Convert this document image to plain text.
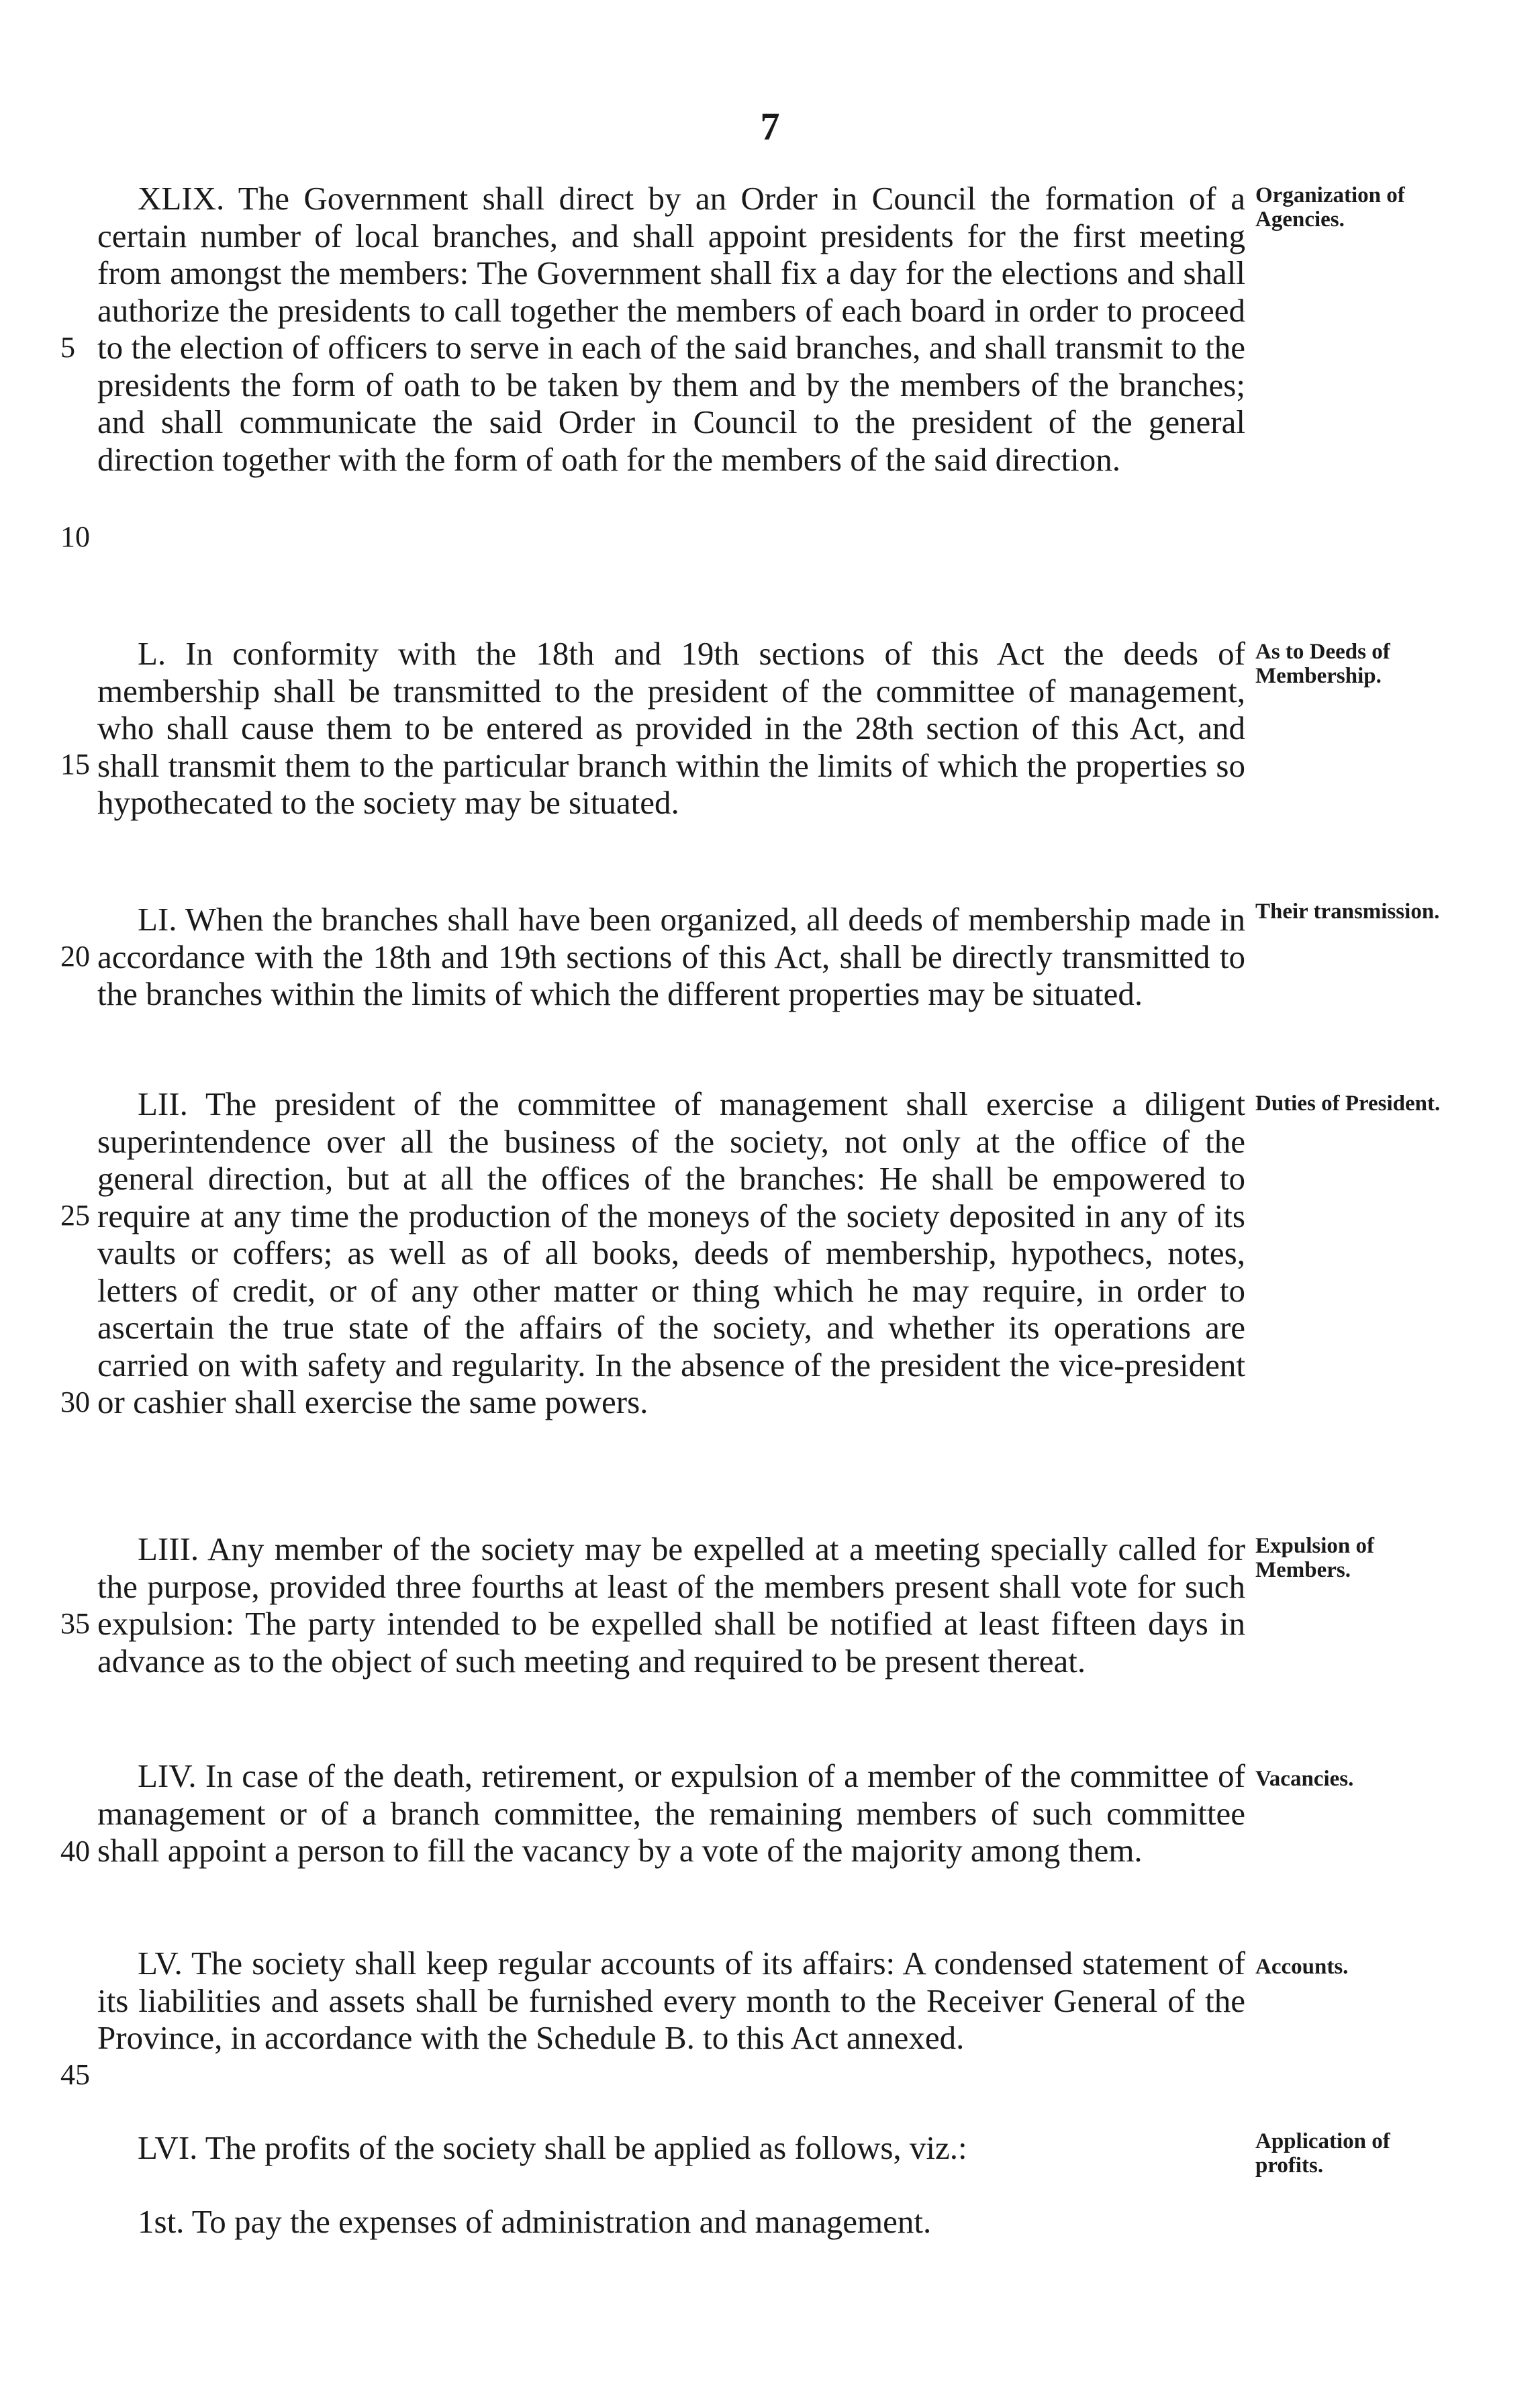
7
5
10
15
20
25
30
35
40
45

XLIX. The Government shall direct by an Order in Council the formation of a certain number of local branches, and shall appoint presidents for the first meeting from amongst the members: The Government shall fix a day for the elections and shall authorize the presidents to call together the members of each board in order to proceed to the election of officers to serve in each of the said branches, and shall transmit to the presidents the form of oath to be taken by them and by the members of the branches; and shall communicate the said Order in Council to the president of the general direction together with the form of oath for the members of the said direction.

Organization of Agencies.

L. In conformity with the 18th and 19th sections of this Act the deeds of membership shall be transmitted to the president of the committee of management, who shall cause them to be entered as provided in the 28th section of this Act, and shall transmit them to the particular branch within the limits of which the properties so hypothecated to the society may be situated.

As to Deeds of Membership.

LI. When the branches shall have been organized, all deeds of membership made in accordance with the 18th and 19th sections of this Act, shall be directly transmitted to the branches within the limits of which the different properties may be situated.

Their transmission.

LII. The president of the committee of management shall exercise a diligent superintendence over all the business of the society, not only at the office of the general direction, but at all the offices of the branches: He shall be empowered to require at any time the production of the moneys of the society deposited in any of its vaults or coffers; as well as of all books, deeds of membership, hypothecs, notes, letters of credit, or of any other matter or thing which he may require, in order to ascertain the true state of the affairs of the society, and whether its operations are carried on with safety and regularity. In the absence of the president the vice-president or cashier shall exercise the same powers.

Duties of President.

LIII. Any member of the society may be expelled at a meeting specially called for the purpose, provided three fourths at least of the members present shall vote for such expulsion: The party intended to be expelled shall be notified at least fifteen days in advance as to the object of such meeting and required to be present thereat.

Expulsion of Members.

LIV. In case of the death, retirement, or expulsion of a member of the committee of management or of a branch committee, the remaining members of such committee shall appoint a person to fill the vacancy by a vote of the majority among them.

Vacancies.

LV. The society shall keep regular accounts of its affairs: A condensed statement of its liabilities and assets shall be furnished every month to the Receiver General of the Province, in accordance with the Schedule B. to this Act annexed.

Accounts.

LVI. The profits of the society shall be applied as follows, viz.:	Application of profits.

1st. To pay the expenses of administration and management.
